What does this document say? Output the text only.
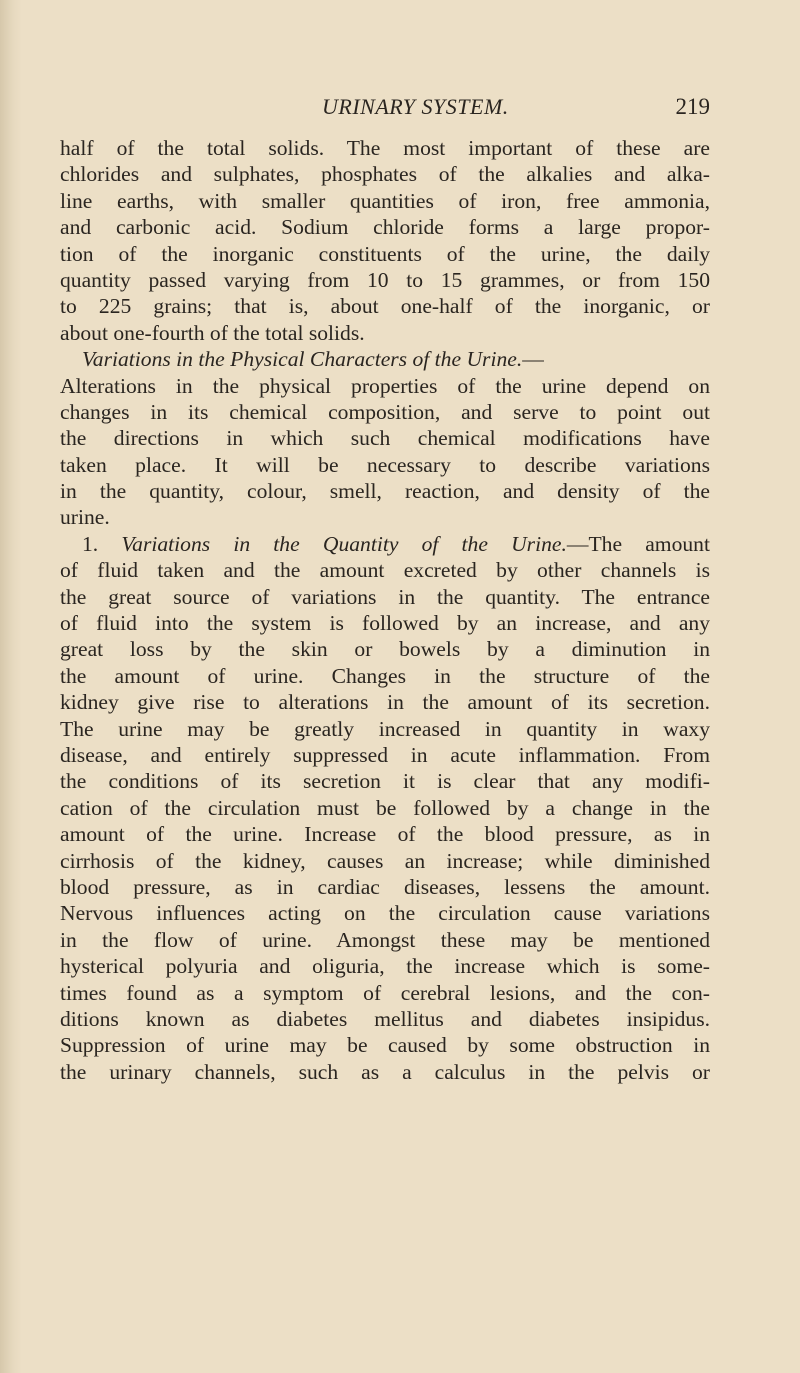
URINARY SYSTEM.	219
half of the total solids. The most important of these are
chlorides and sulphates, phosphates of the alkalies and alka-
line earths, with smaller quantities of iron, free ammonia,
and carbonic acid. Sodium chloride forms a large propor-
tion of the inorganic constituents of the urine, the daily
quantity passed varying from 10 to 15 grammes, or from 150
to 225 grains; that is, about one-half of the inorganic, or
about one-fourth of the total solids.
Variations in the Physical Characters of the Urine.—
Alterations in the physical properties of the urine depend on
changes in its chemical composition, and serve to point out
the directions in which such chemical modifications have
taken place. It will be necessary to describe variations
in the quantity, colour, smell, reaction, and density of the
urine.
1. Variations in the Quantity of the Urine.—The amount
of fluid taken and the amount excreted by other channels is
the great source of variations in the quantity. The entrance
of fluid into the system is followed by an increase, and any
great loss by the skin or bowels by a diminution in
the amount of urine. Changes in the structure of the
kidney give rise to alterations in the amount of its secretion.
The urine may be greatly increased in quantity in waxy
disease, and entirely suppressed in acute inflammation. From
the conditions of its secretion it is clear that any modifi-
cation of the circulation must be followed by a change in the
amount of the urine. Increase of the blood pressure, as in
cirrhosis of the kidney, causes an increase; while diminished
blood pressure, as in cardiac diseases, lessens the amount.
Nervous influences acting on the circulation cause variations
in the flow of urine. Amongst these may be mentioned
hysterical polyuria and oliguria, the increase which is some-
times found as a symptom of cerebral lesions, and the con-
ditions known as diabetes mellitus and diabetes insipidus.
Suppression of urine may be caused by some obstruction in
the urinary channels, such as a calculus in the pelvis or
